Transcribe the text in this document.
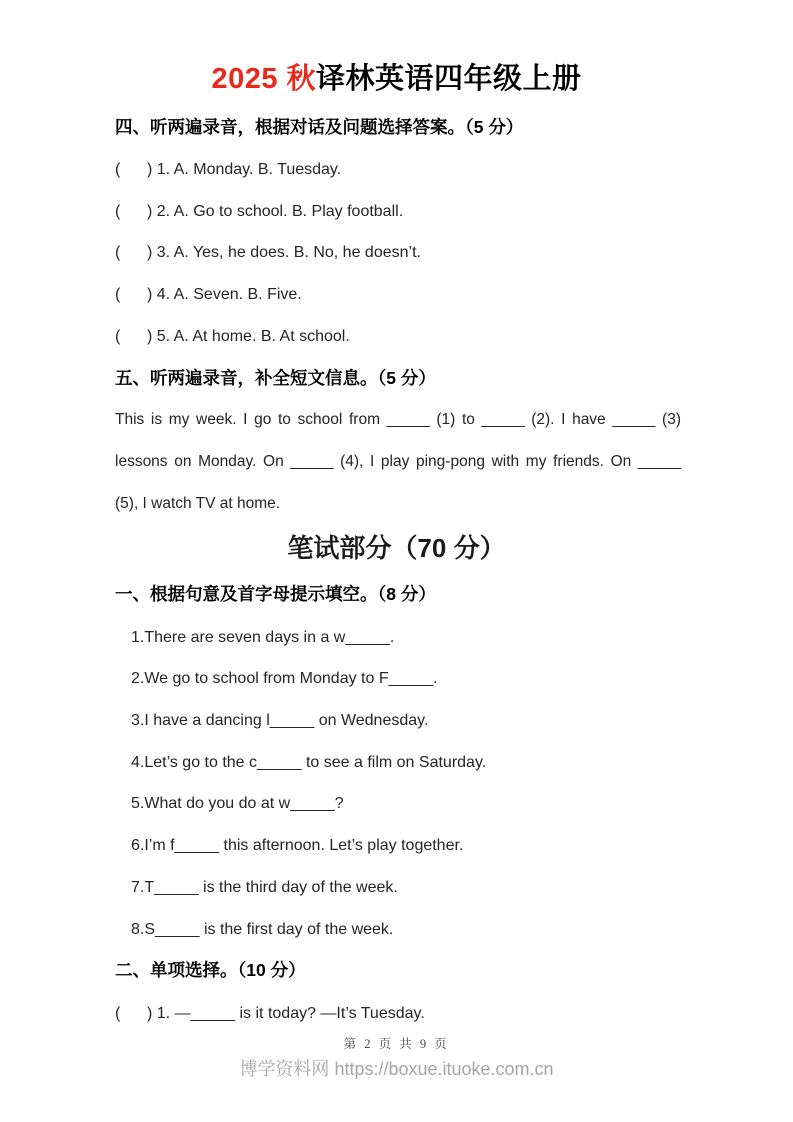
2025 秋译林英语四年级上册
四、听两遍录音，根据对话及问题选择答案。（5 分）
(      ) 1. A. Monday. B. Tuesday.
(      ) 2. A. Go to school. B. Play football.
(      ) 3. A. Yes, he does. B. No, he doesn’t.
(      ) 4. A. Seven. B. Five.
(      ) 5. A. At home. B. At school.
五、听两遍录音，补全短文信息。（5 分）
This is my week. I go to school from _____ (1) to _____ (2). I have _____ (3)
lessons on Monday. On _____ (4), I play ping-pong with my friends. On _____
(5), I watch TV at home.
笔试部分（70 分）
一、根据句意及首字母提示填空。（8 分）
1.There are seven days in a w_____.
2.We go to school from Monday to F_____.
3.I have a dancing l_____ on Wednesday.
4.Let’s go to the c_____ to see a film on Saturday.
5.What do you do at w_____?
6.I’m f_____ this afternoon. Let’s play together.
7.T_____ is the third day of the week.
8.S_____ is the first day of the week.
二、单项选择。（10 分）
(      ) 1. —_____ is it today? —It’s Tuesday.
第 2 页 共 9 页
博学资料网 https://boxue.ituoke.com.cn
